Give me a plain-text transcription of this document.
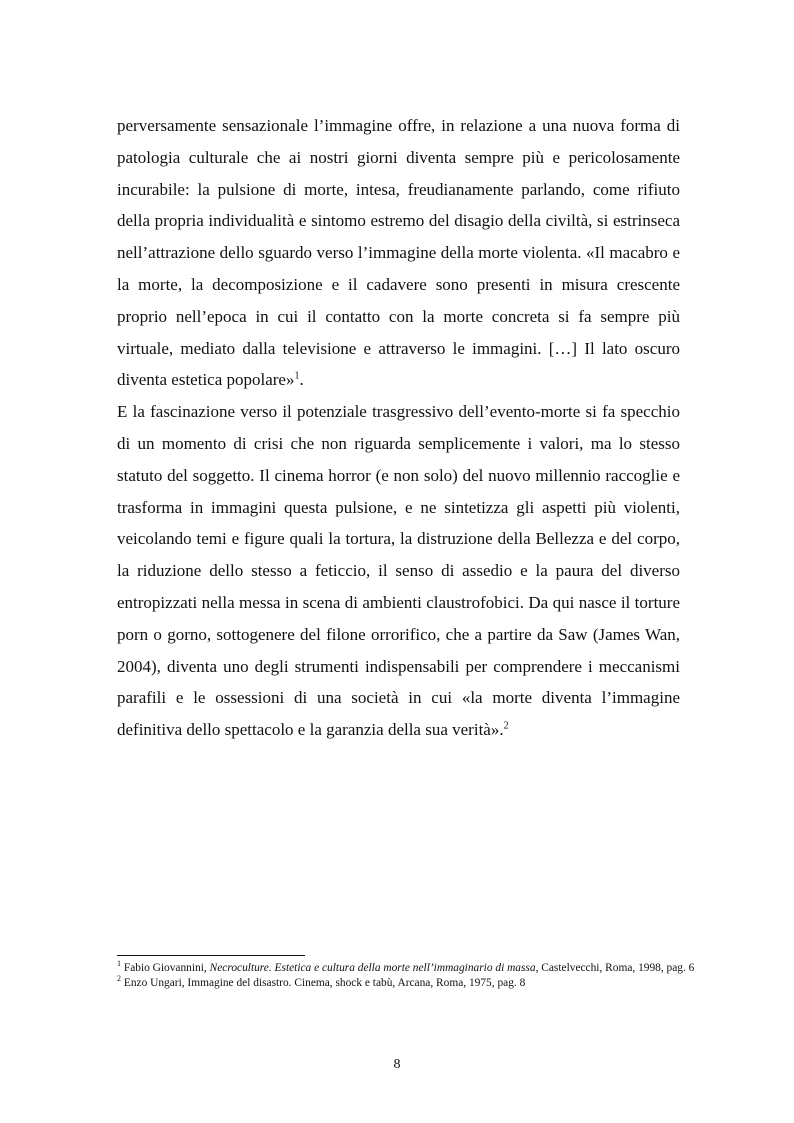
perversamente sensazionale l’immagine offre, in relazione a una nuova forma di patologia culturale che ai nostri giorni diventa sempre più e pericolosamente incurabile: la pulsione di morte, intesa, freudianamente parlando, come rifiuto della propria individualità e sintomo estremo del disagio della civiltà, si estrinseca nell’attrazione dello sguardo verso l’immagine della morte violenta. «Il macabro e la morte, la decomposizione e il cadavere sono presenti in misura crescente proprio nell’epoca in cui il contatto con la morte concreta si fa sempre più virtuale, mediato dalla televisione e attraverso le immagini. […] Il lato oscuro diventa estetica popolare»$^1$.

E la fascinazione verso il potenziale trasgressivo dell’evento-morte si fa specchio di un momento di crisi che non riguarda semplicemente i valori, ma lo stesso statuto del soggetto. Il cinema horror (e non solo) del nuovo millennio raccoglie e trasforma in immagini questa pulsione, e ne sintetizza gli aspetti più violenti, veicolando temi e figure quali la tortura, la distruzione della Bellezza e del corpo, la riduzione dello stesso a feticcio, il senso di assedio e la paura del diverso entropizzati nella messa in scena di ambienti claustrofobici. Da qui nasce il torture porn o gorno, sottogenere del filone orrorifico, che a partire da Saw (James Wan, 2004), diventa uno degli strumenti indispensabili per comprendere i meccanismi parafili e le ossessioni di una società in cui «la morte diventa l’immagine definitiva dello spettacolo e la garanzia della sua verità».$^2$

$^1$ Fabio Giovannini, Necroculture. Estetica e cultura della morte nell’immaginario di massa, Castelvecchi, Roma, 1998, pag. 6

$^2$ Enzo Ungari, Immagine del disastro. Cinema, shock e tabù, Arcana, Roma, 1975, pag. 8

8
